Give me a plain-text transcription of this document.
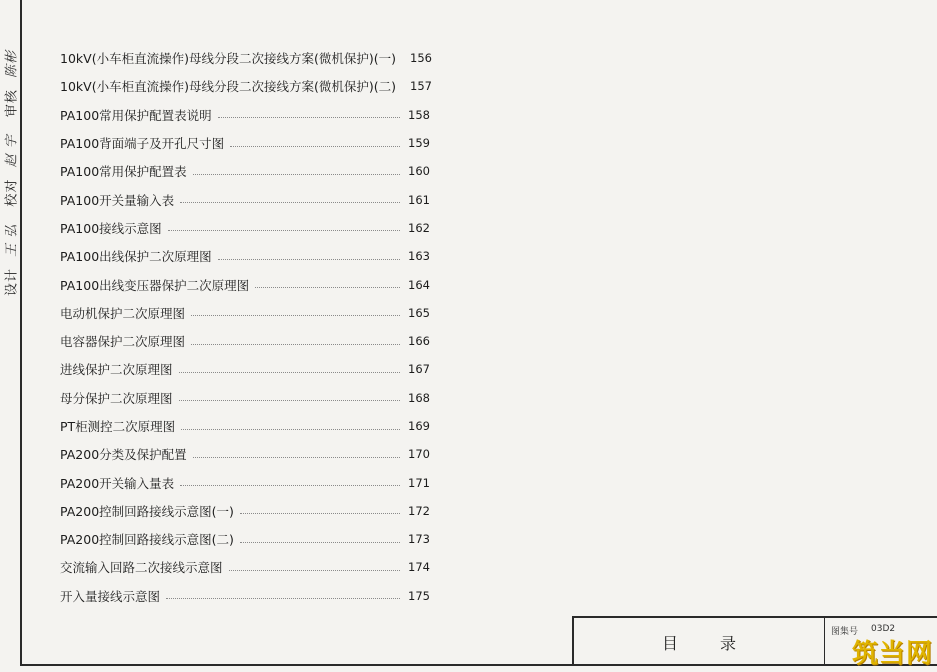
设计 王 弘 校对 赵 宇 审核 陈彬	10kV(小车柜直流操作)母线分段二次接线方案(微机保护)(一) 156
10kV(小车柜直流操作)母线分段二次接线方案(微机保护)(二) 157
PA100常用保护配置表说明	158
PA100背面端子及开孔尺寸图	159
PA100常用保护配置表	160
PA100开关量输入表	161
PA100接线示意图	162
PA100出线保护二次原理图	163
PA100出线变压器保护二次原理图	164
电动机保护二次原理图	165
电容器保护二次原理图	166
进线保护二次原理图	167
母分保护二次原理图	168
PT柜测控二次原理图	169
PA200分类及保护配置	170
PA200开关输入量表	171
PA200控制回路接线示意图(一)	172
PA200控制回路接线示意图(二)	173
交流输入回路二次接线示意图	174
开入量接线示意图	175
目录
图集号 03D2
筑当网
